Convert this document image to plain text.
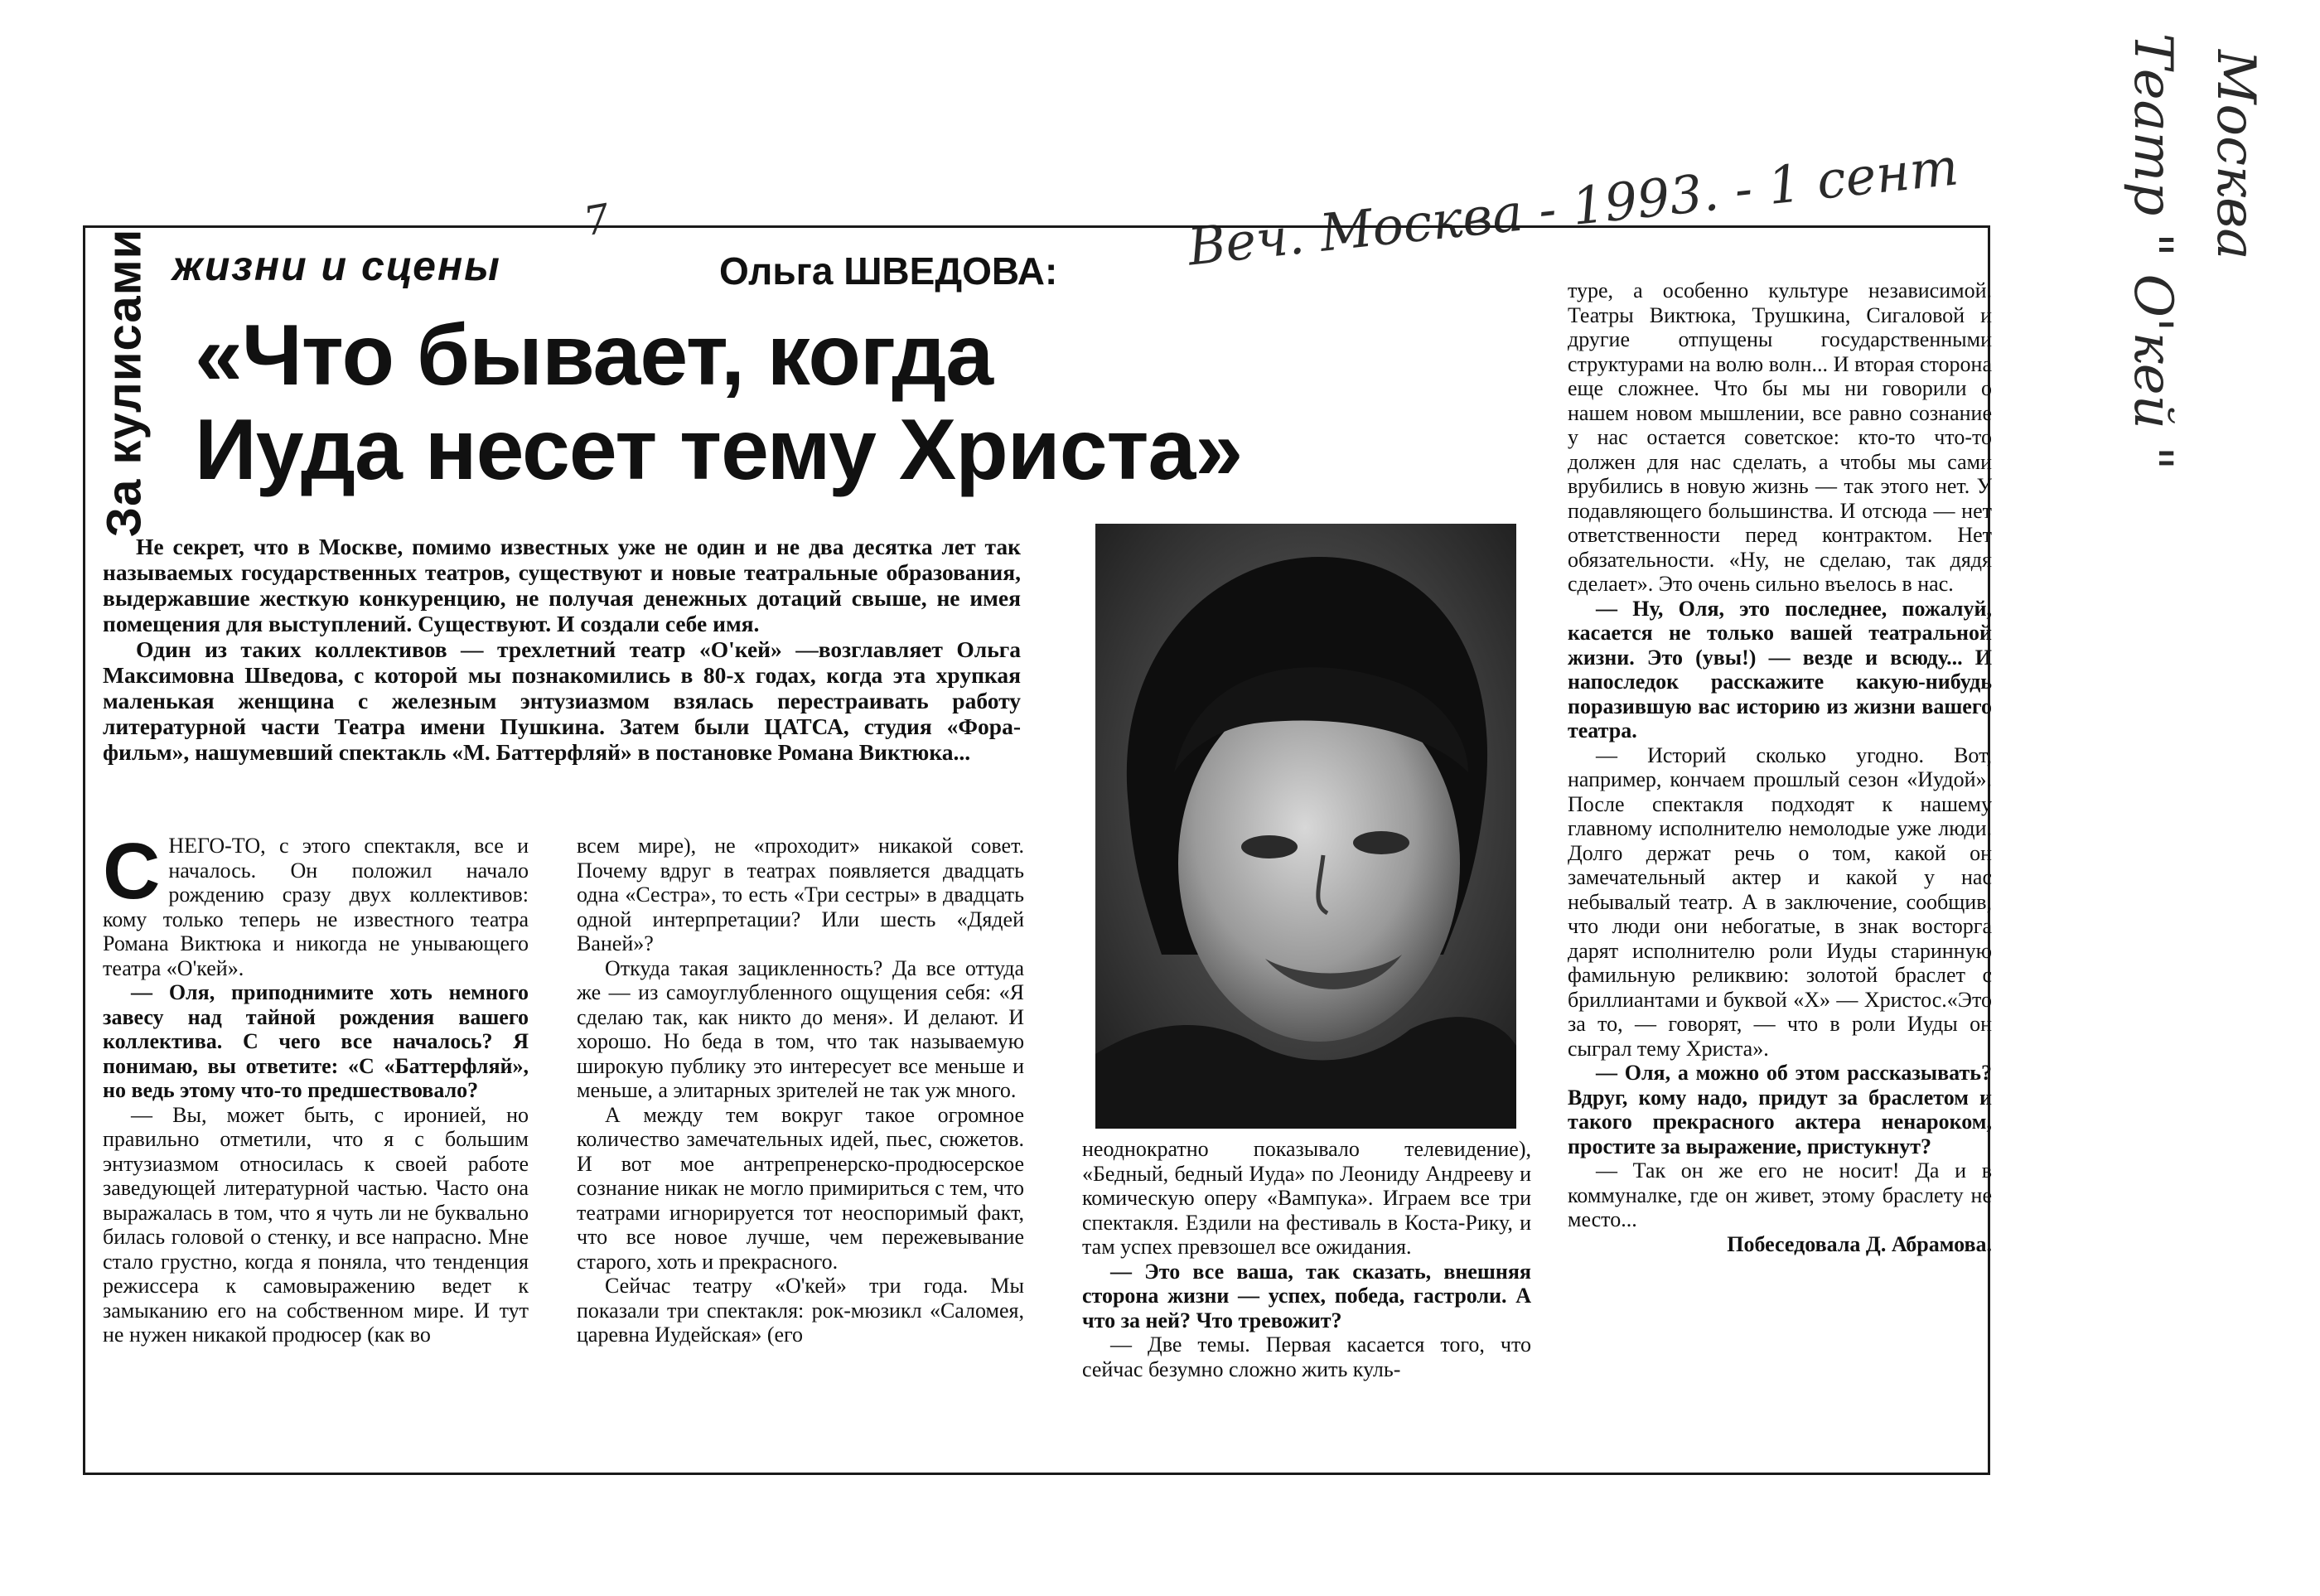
Москва
Театр " О'кей "
7	Веч. Москва - 1993. - 1 сент
За кулисами жизни и сцены	Ольга ШВЕДОВА:
«Что бывает, когда
Иуда несет тему Христа»

Не секрет, что в Москве, помимо известных уже не один и не два десятка лет так называемых государственных театров, существуют и новые театральные образования, выдержавшие жесткую конкуренцию, не получая денежных дотаций свыше, не имея помещения для выступлений. Существуют. И создали себе имя.

Один из таких коллективов — трехлетний театр «О'кей» —возглавляет Ольга Максимовна Шведова, с которой мы познакомились в 80-х годах, когда эта хрупкая маленькая женщина с железным энтузиазмом взялась перестраивать работу литературной части Театра имени Пушкина. Затем были ЦАТСА, студия «Фора-фильм», нашумевший спектакль «М. Баттерфляй» в постановке Романа Виктюка...

СНЕГО-ТО, с этого спектакля, все и началось. Он положил начало рождению сразу двух коллективов: кому только теперь не известного театра Романа Виктюка и никогда не унывающего театра «О'кей».

— Оля, приподнимите хоть немного завесу над тайной рождения вашего коллектива. С чего все началось? Я понимаю, вы ответите: «С «Баттерфляй», но ведь этому что-то предшествовало?

— Вы, может быть, с иронией, но правильно отметили, что я с большим энтузиазмом относилась к своей работе заведующей литературной частью. Часто она выражалась в том, что я чуть ли не буквально билась головой о стенку, и все напрасно. Мне стало грустно, когда я поняла, что тенденция режиссера к самовыражению ведет к замыканию его на собственном мире. И тут не нужен никакой продюсер (как во

всем мире), не «проходит» никакой совет. Почему вдруг в театрах появляется двадцать одна «Сестра», то есть «Три сестры» в двадцать одной интерпретации? Или шесть «Дядей Ваней»?

Откуда такая зацикленность? Да все оттуда же — из самоуглубленного ощущения себя: «Я сделаю так, как никто до меня». И делают. И хорошо. Но беда в том, что так называемую широкую публику это интересует все меньше и меньше, а элитарных зрителей не так уж много.

А между тем вокруг такое огромное количество замечательных идей, пьес, сюжетов. И вот мое антрепренерско-продюсерское сознание никак не могло примириться с тем, что театрами игнорируется тот неоспоримый факт, что все новое лучше, чем пережевывание старого, хоть и прекрасного.

Сейчас театру «О'кей» три года. Мы показали три спектакля: рок-мюзикл «Саломея, царевна Иудейская» (его

неоднократно показывало телевидение), «Бедный, бедный Иуда» по Леониду Андрееву и комическую оперу «Вампука». Играем все три спектакля. Ездили на фестиваль в Коста-Рику, и там успех превзошел все ожидания.

— Это все ваша, так сказать, внешняя сторона жизни — успех, победа, гастроли. А что за ней? Что тревожит?

— Две темы. Первая касается того, что сейчас безумно сложно жить куль-

туре, а особенно культуре независимой. Театры Виктюка, Трушкина, Сигаловой и другие отпущены государственными структурами на волю волн... И вторая сторона еще сложнее. Что бы мы ни говорили о нашем новом мышлении, все равно сознание у нас остается советское: кто-то что-то должен для нас сделать, а чтобы мы сами врубились в новую жизнь — так этого нет. У подавляющего большинства. И отсюда — нет ответственности перед контрактом. Нет обязательности. «Ну, не сделаю, так дядя сделает». Это очень сильно въелось в нас.

— Ну, Оля, это последнее, пожалуй, касается не только вашей театральной жизни. Это (увы!) — везде и всюду... И напоследок расскажите какую-нибудь поразившую вас историю из жизни вашего театра.

— Историй сколько угодно. Вот, например, кончаем прошлый сезон «Иудой». После спектакля подходят к нашему главному исполнителю немолодые уже люди. Долго держат речь о том, какой он замечательный актер и какой у нас небывалый театр. А в заключение, сообщив, что люди они небогатые, в знак восторга дарят исполнителю роли Иуды старинную фамильную реликвию: золотой браслет с бриллиантами и буквой «Х» — Христос.«Это за то, — говорят, — что в роли Иуды он сыграл тему Христа».

— Оля, а можно об этом рассказывать? Вдруг, кому надо, придут за браслетом и такого прекрасного актера ненароком, простите за выражение, пристукнут?

— Так он же его не носит! Да и в коммуналке, где он живет, этому браслету не место...

Побеседовала Д. Абрамова.
